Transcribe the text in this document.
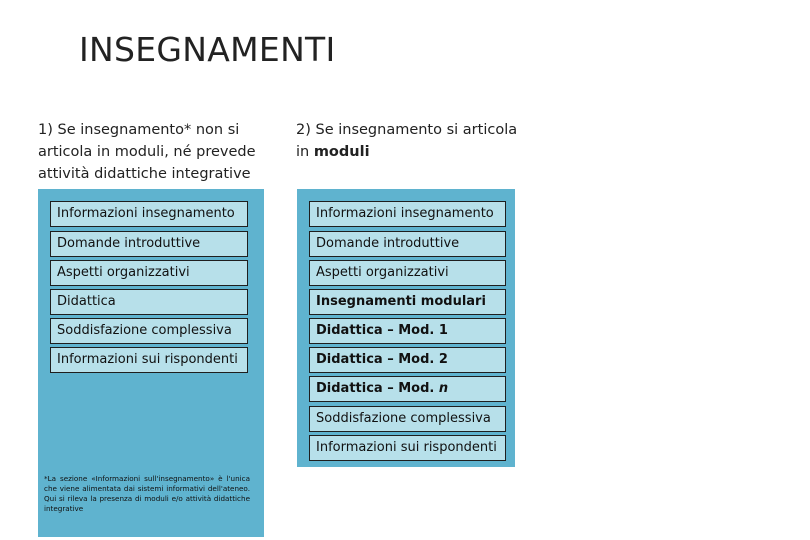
INSEGNAMENTI
1) Se insegnamento* non si articola in moduli, né prevede attività didattiche integrative
2) Se insegnamento si articola in moduli
Informazioni insegnamento
Domande introduttive
Aspetti organizzativi
Didattica
Soddisfazione complessiva
Informazioni sui rispondenti
Informazioni insegnamento
Domande introduttive
Aspetti organizzativi
Insegnamenti modulari
Didattica – Mod. 1
Didattica – Mod. 2
Didattica – Mod. n
Soddisfazione complessiva
Informazioni sui rispondenti
*La sezione «Informazioni sull'insegnamento» è l'unica che viene alimentata dai sistemi informativi dell'ateneo. Qui si rileva la presenza di moduli e/o attività didattiche integrative
